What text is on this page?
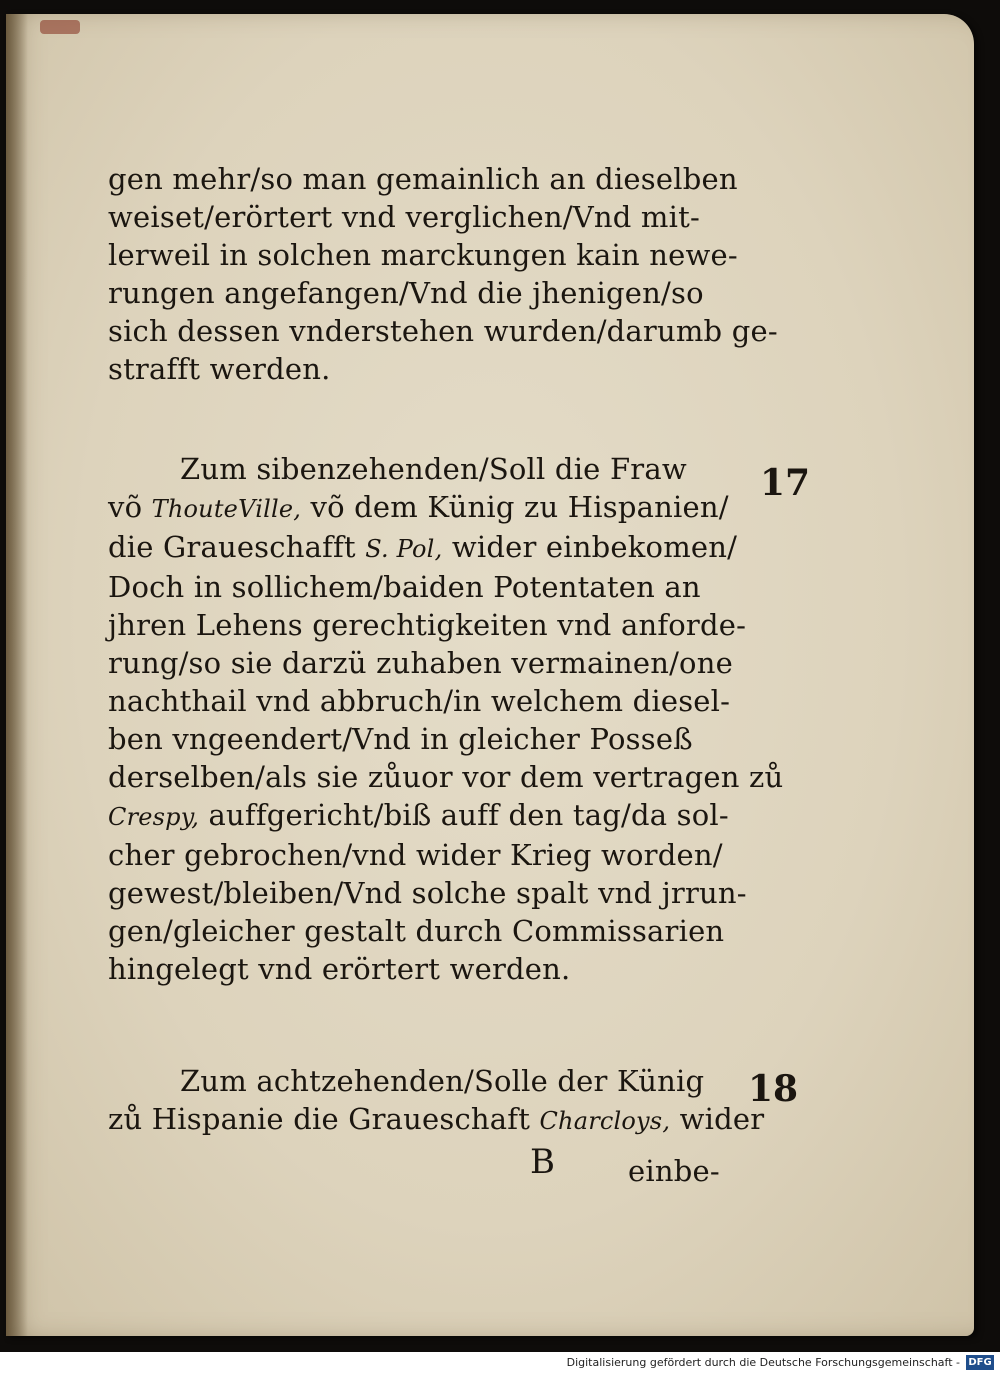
gen mehr/so man gemainlich an dieselben
weiset/erörtert vnd verglichen/Vnd mit-
lerweil in solchen marckungen kain newe-
rungen angefangen/Vnd die jhenigen/so
sich dessen vnderstehen wurden/darumb ge-
strafft werden.
Zum sibenzehenden/Soll die Fraw
võ ThouteVille, võ dem Künig zu Hispanien/
die Graueschafft S. Pol, wider einbekomen/
Doch in sollichem/baiden Potentaten an
jhren Lehens gerechtigkeiten vnd anforde-
rung/so sie darzü zuhaben vermainen/one
nachthail vnd abbruch/in welchem diesel-
ben vngeendert/Vnd in gleicher Posseß
derselben/als sie zůuor vor dem vertragen zů
Crespy, auffgericht/biß auff den tag/da sol-
cher gebrochen/vnd wider Krieg worden/
gewest/bleiben/Vnd solche spalt vnd jrrun-
gen/gleicher gestalt durch Commissarien
hingelegt vnd erörtert werden.
17
Zum achtzehenden/Solle der Künig
zů Hispanie die Graueschaft Charcloys, wider
18
B	einbe-
Digitalisierung gefördert durch die Deutsche Forschungsgemeinschaft - DFG
